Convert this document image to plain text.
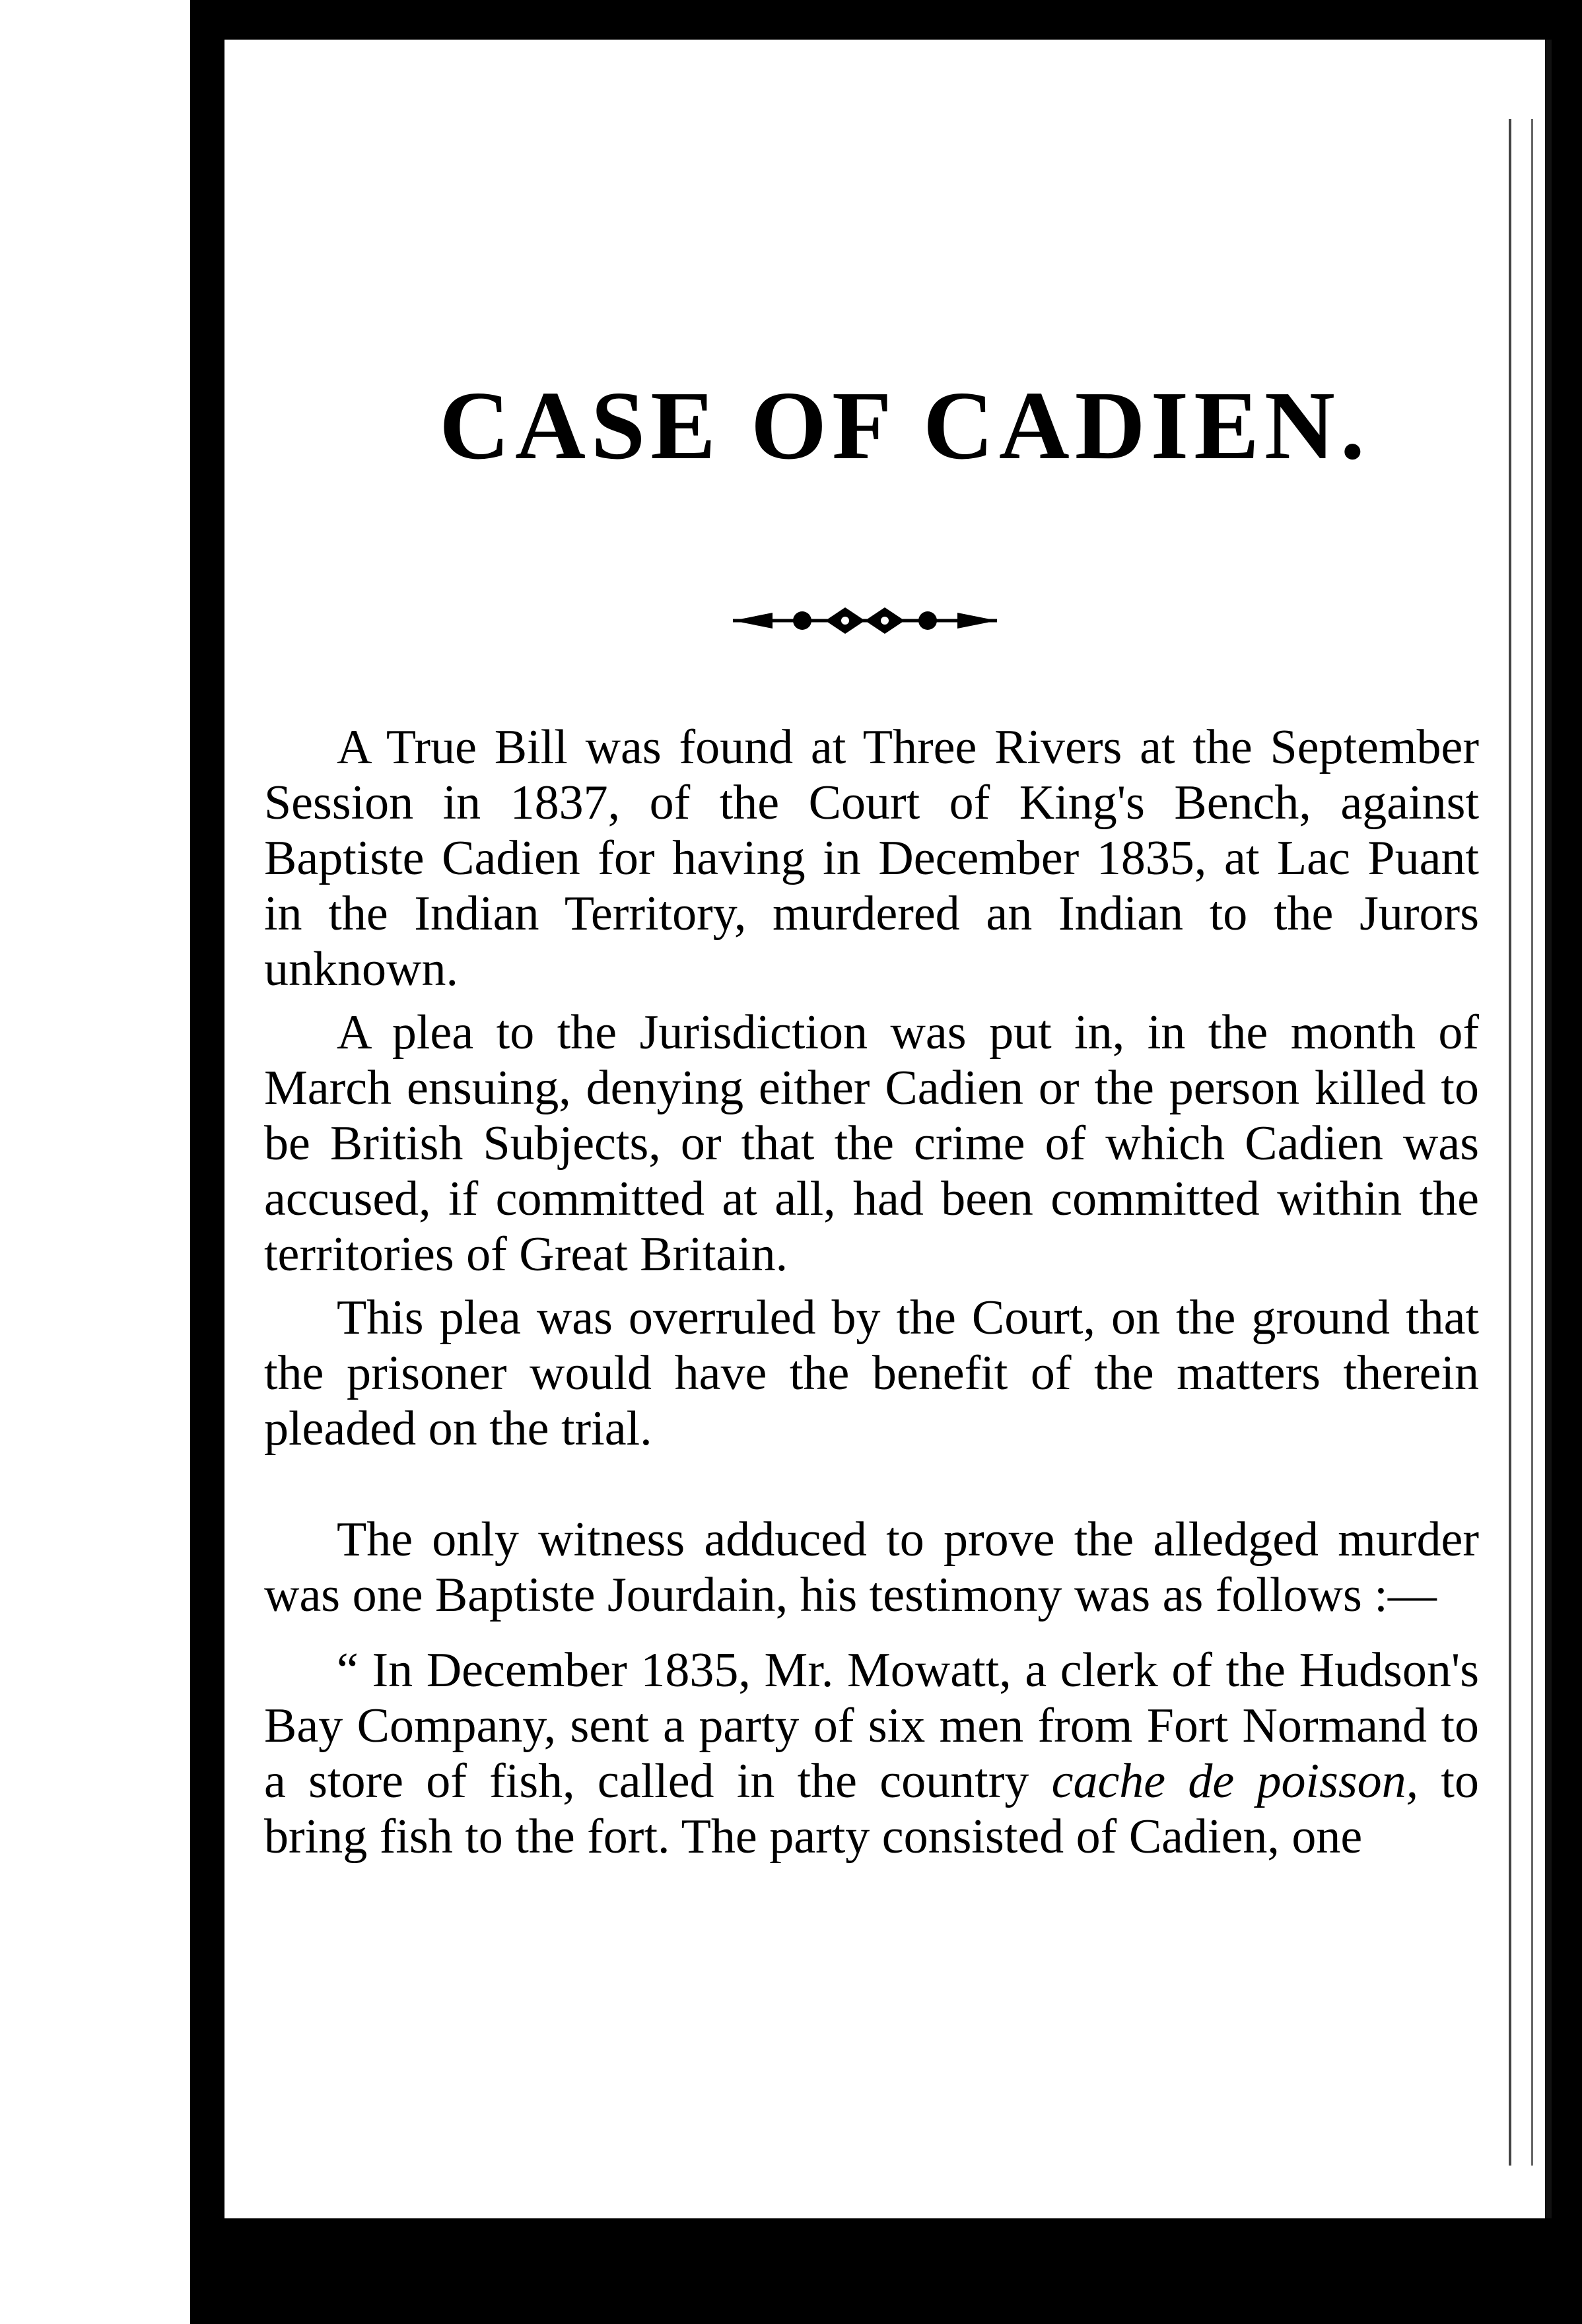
CASE OF CADIEN.

A True Bill was found at Three Rivers at the September Session in 1837, of the Court of King's Bench, against Baptiste Cadien for having in December 1835, at Lac Puant in the Indian Territory, murdered an Indian to the Jurors unknown.

A plea to the Jurisdiction was put in, in the month of March ensuing, denying either Cadien or the person killed to be British Subjects, or that the crime of which Cadien was accused, if committed at all, had been committed within the territories of Great Britain.

This plea was overruled by the Court, on the ground that the prisoner would have the benefit of the matters therein pleaded on the trial.

The only witness adduced to prove the alledged murder was one Baptiste Jourdain, his testimony was as follows :—

“ In December 1835, Mr. Mowatt, a clerk of the Hudson's Bay Company, sent a party of six men from Fort Normand to a store of fish, called in the country cache de poisson, to bring fish to the fort. The party consisted of Cadien, one
